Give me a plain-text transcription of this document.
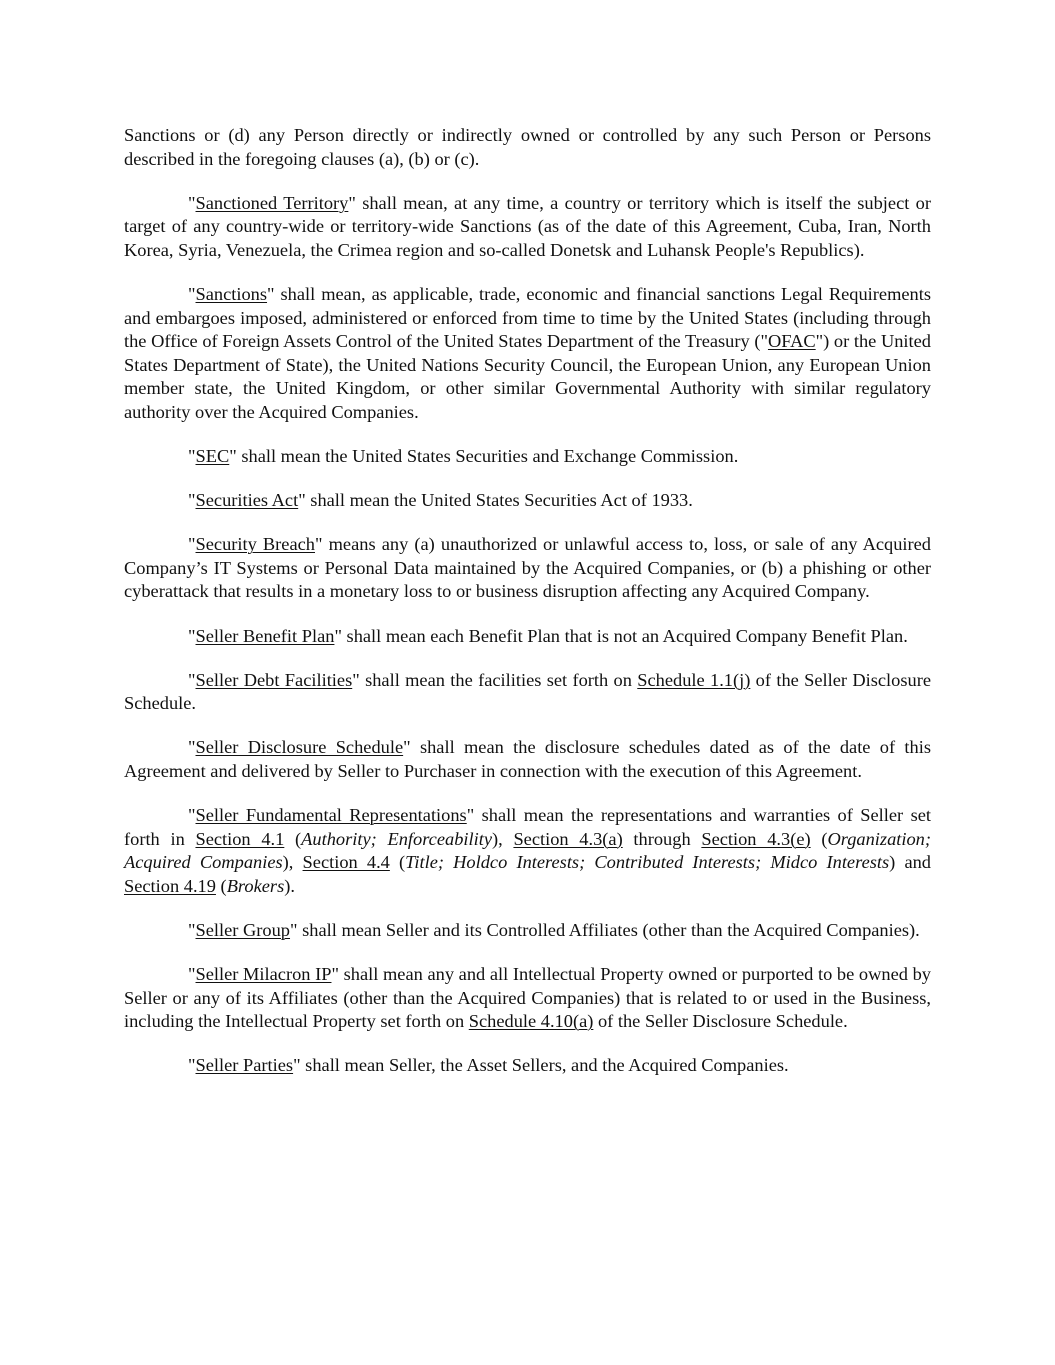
Sanctions or (d) any Person directly or indirectly owned or controlled by any such Person or Persons described in the foregoing clauses (a), (b) or (c).

"Sanctioned Territory" shall mean, at any time, a country or territory which is itself the subject or target of any country-wide or territory-wide Sanctions (as of the date of this Agreement, Cuba, Iran, North Korea, Syria, Venezuela, the Crimea region and so-called Donetsk and Luhansk People's Republics).

"Sanctions" shall mean, as applicable, trade, economic and financial sanctions Legal Requirements and embargoes imposed, administered or enforced from time to time by the United States (including through the Office of Foreign Assets Control of the United States Department of the Treasury ("OFAC") or the United States Department of State), the United Nations Security Council, the European Union, any European Union member state, the United Kingdom, or other similar Governmental Authority with similar regulatory authority over the Acquired Companies.

"SEC" shall mean the United States Securities and Exchange Commission.

"Securities Act" shall mean the United States Securities Act of 1933.

"Security Breach" means any (a) unauthorized or unlawful access to, loss, or sale of any Acquired Company’s IT Systems or Personal Data maintained by the Acquired Companies, or (b) a phishing or other cyberattack that results in a monetary loss to or business disruption affecting any Acquired Company.

"Seller Benefit Plan" shall mean each Benefit Plan that is not an Acquired Company Benefit Plan.

"Seller Debt Facilities" shall mean the facilities set forth on Schedule 1.1(j) of the Seller Disclosure Schedule.

"Seller Disclosure Schedule" shall mean the disclosure schedules dated as of the date of this Agreement and delivered by Seller to Purchaser in connection with the execution of this Agreement.

"Seller Fundamental Representations" shall mean the representations and warranties of Seller set forth in Section 4.1 (Authority; Enforceability), Section 4.3(a) through Section 4.3(e) (Organization; Acquired Companies), Section 4.4 (Title; Holdco Interests; Contributed Interests; Midco Interests) and Section 4.19 (Brokers).

"Seller Group" shall mean Seller and its Controlled Affiliates (other than the Acquired Companies).

"Seller Milacron IP" shall mean any and all Intellectual Property owned or purported to be owned by Seller or any of its Affiliates (other than the Acquired Companies) that is related to or used in the Business, including the Intellectual Property set forth on Schedule 4.10(a) of the Seller Disclosure Schedule.

"Seller Parties" shall mean Seller, the Asset Sellers, and the Acquired Companies.
